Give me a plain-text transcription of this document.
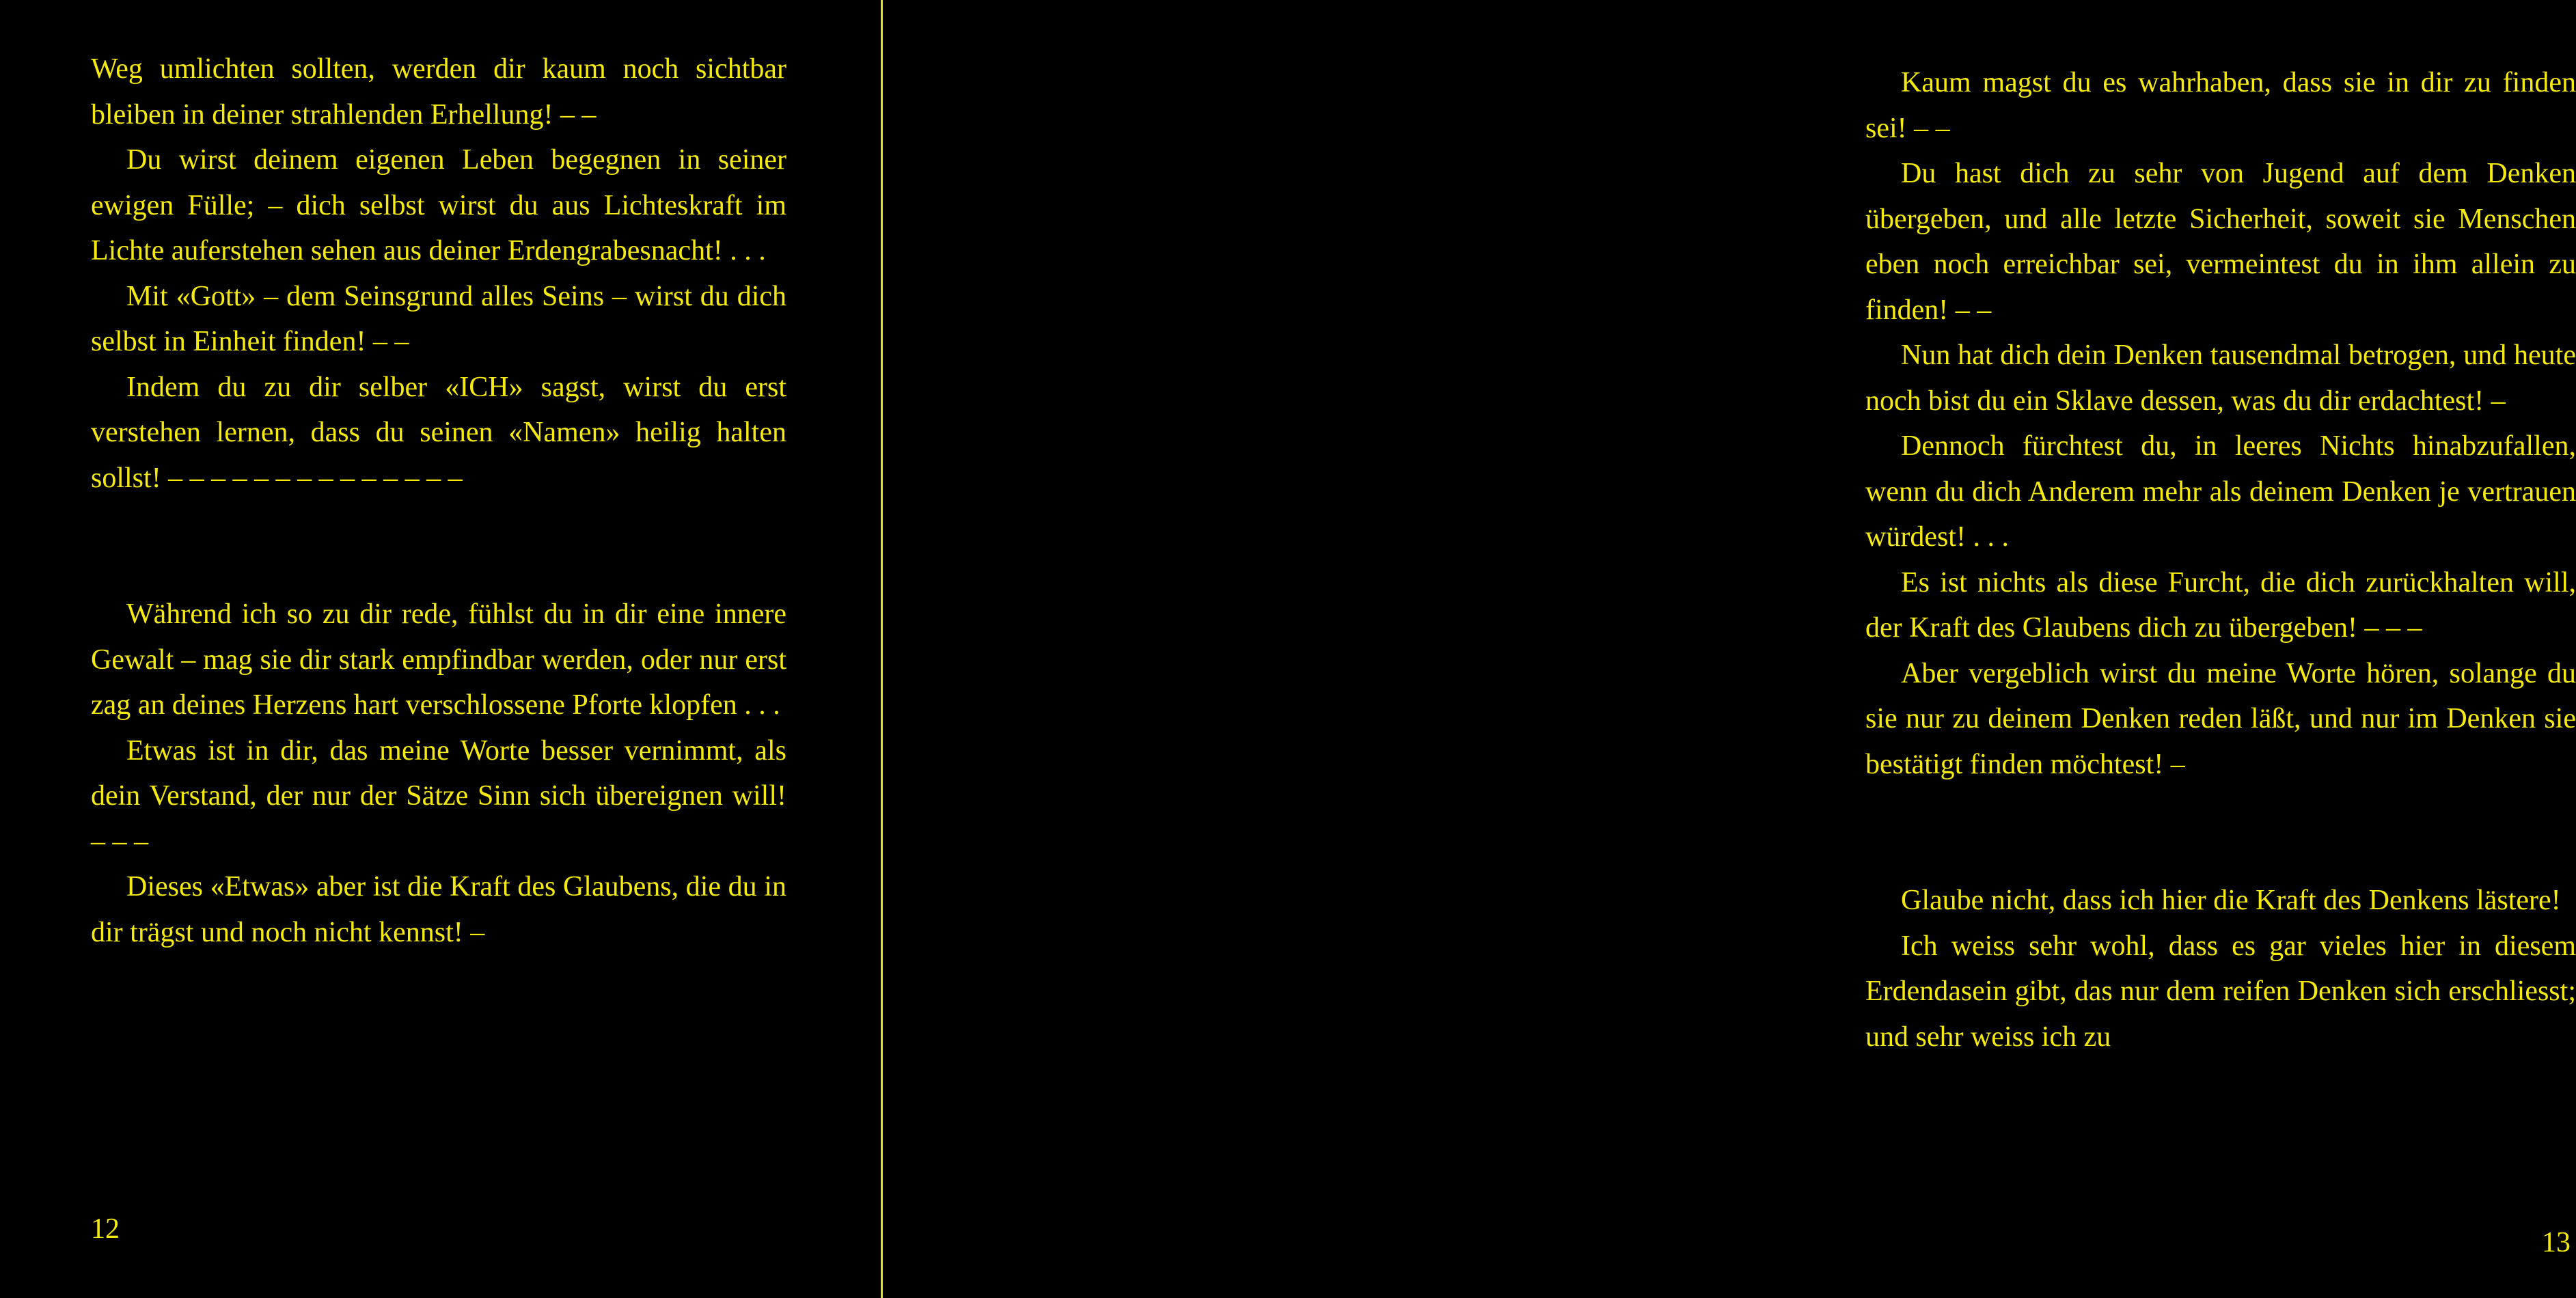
Weg umlichten sollten, werden dir kaum noch sichtbar bleiben in deiner strahlenden Erhellung! – –

Du wirst deinem eigenen Leben begegnen in seiner ewigen Fülle; – dich selbst wirst du aus Lichteskraft im Lichte auferstehen sehen aus deiner Erdengrabesnacht! . . .

Mit «Gott» – dem Seinsgrund alles Seins – wirst du dich selbst in Einheit finden! – –

Indem du zu dir selber «ICH» sagst, wirst du erst verstehen lernen, dass du seinen «Namen» heilig halten sollst! – – – – – – – – – – – – – –

Während ich so zu dir rede, fühlst du in dir eine innere Gewalt – mag sie dir stark empfindbar werden, oder nur erst zag an deines Herzens hart verschlossene Pforte klopfen . . .

Etwas ist in dir, das meine Worte besser vernimmt, als dein Verstand, der nur der Sätze Sinn sich übereignen will! – – –

Dieses «Etwas» aber ist die Kraft des Glaubens, die du in dir trägst und noch nicht kennst! –

12

Kaum magst du es wahrhaben, dass sie in dir zu finden sei! – –

Du hast dich zu sehr von Jugend auf dem Denken übergeben, und alle letzte Sicherheit, soweit sie Menschen eben noch erreichbar sei, vermeintest du in ihm allein zu finden! – –

Nun hat dich dein Denken tausendmal betrogen, und heute noch bist du ein Sklave dessen, was du dir erdachtest! –

Dennoch fürchtest du, in leeres Nichts hinabzufallen, wenn du dich Anderem mehr als deinem Denken je vertrauen würdest! . . .

Es ist nichts als diese Furcht, die dich zurückhalten will, der Kraft des Glaubens dich zu übergeben! – – –

Aber vergeblich wirst du meine Worte hören, solange du sie nur zu deinem Denken reden läßt, und nur im Denken sie bestätigt finden möchtest! –

Glaube nicht, dass ich hier die Kraft des Denkens lästere!

Ich weiss sehr wohl, dass es gar vieles hier in diesem Erdendasein gibt, das nur dem reifen Denken sich erschliesst; und sehr weiss ich zu

13
